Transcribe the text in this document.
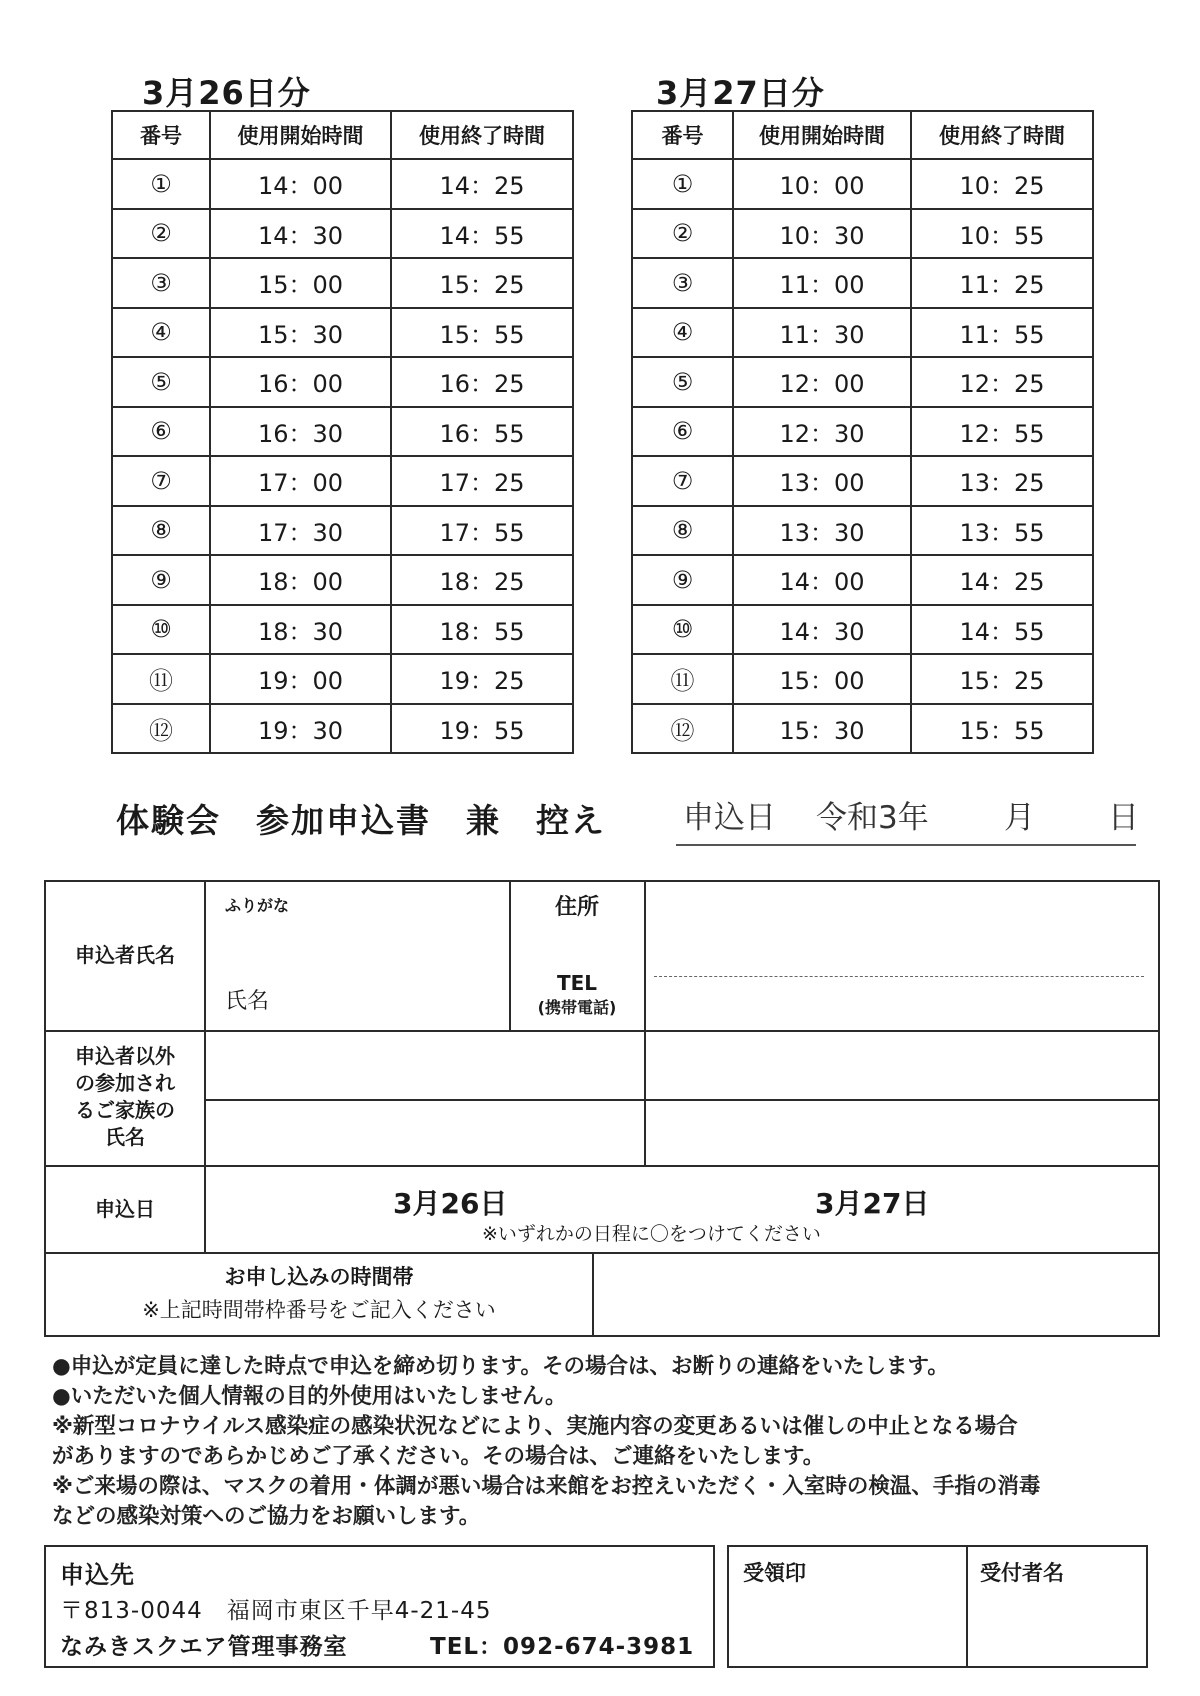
3月26日分
番号	使用開始時間	使用終了時間
①	14：00	14：25
②	14：30	14：55
③	15：00	15：25
④	15：30	15：55
⑤	16：00	16：25
⑥	16：30	16：55
⑦	17：00	17：25
⑧	17：30	17：55
⑨	18：00	18：25
⑩	18：30	18：55
⑪	19：00	19：25
⑫	19：30	19：55
3月27日分
番号	使用開始時間	使用終了時間
①	10：00	10：25
②	10：30	10：55
③	11：00	11：25
④	11：30	11：55
⑤	12：00	12：25
⑥	12：30	12：55
⑦	13：00	13：25
⑧	13：30	13：55
⑨	14：00	14：25
⑩	14：30	14：55
⑪	15：00	15：25
⑫	15：30	15：55
体験会　参加申込書　兼　控え 申込日 令和3年 月 日
申込者氏名
ふりがな
氏名
住所
TEL
(携帯電話)
申込者以外
の参加され
るご家族の
氏名
申込日	3月26日	3月27日
※いずれかの日程に〇をつけてください
お申し込みの時間帯
※上記時間帯枠番号をご記入ください
●申込が定員に達した時点で申込を締め切ります。その場合は、お断りの連絡をいたします。
●いただいた個人情報の目的外使用はいたしません。
※新型コロナウイルス感染症の感染状況などにより、実施内容の変更あるいは催しの中止となる場合
がありますのであらかじめご了承ください。その場合は、ご連絡をいたします。
※ご来場の際は、マスクの着用・体調が悪い場合は来館をお控えいただく・入室時の検温、手指の消毒
などの感染対策へのご協力をお願いします。
申込先
〒813-0044　福岡市東区千早4-21-45
なみきスクエア管理事務室	TEL：092-674-3981
受領印	受付者名
